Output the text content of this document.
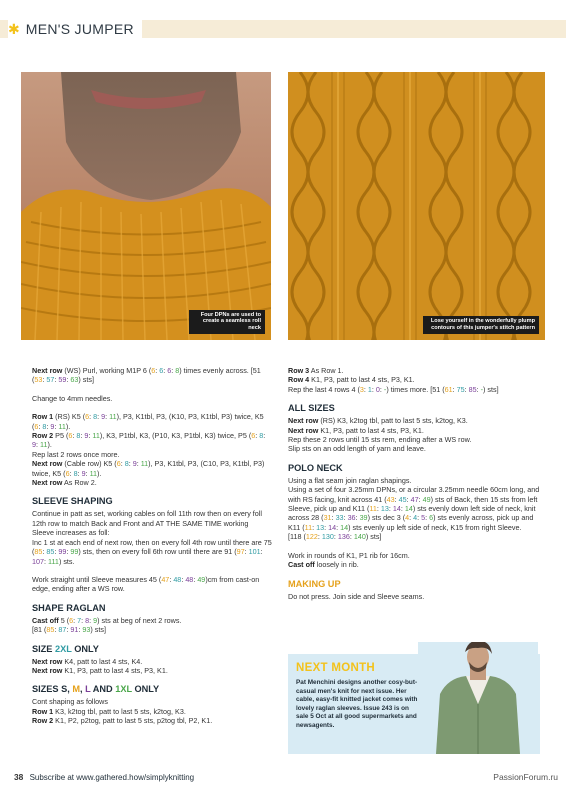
✱ MEN'S JUMPER
Four DPNs are used to create a seamless roll neck
Lose yourself in the wonderfully plump contours of this jumper's stitch pattern

Next row (WS) Purl, working M1P 6 (6: 6: 6: 8) times evenly across. [51 (53: 57: 59: 63) sts]

Change to 4mm needles.

Row 1 (RS) K5 (6: 8: 9: 11), P3, K1tbl, P3, (K10, P3, K1tbl, P3) twice, K5 (6: 8: 9: 11).

Row 2 P5 (6: 8: 9: 11), K3, P1tbl, K3, (P10, K3, P1tbl, K3) twice, P5 (6: 8: 9: 11).

Rep last 2 rows once more.

Next row (Cable row) K5 (6: 8: 9: 11), P3, K1tbl, P3, (C10, P3, K1tbl, P3) twice, K5 (6: 8: 9: 11).

Next row As Row 2.

SLEEVE SHAPING

Continue in patt as set, working cables on foll 11th row then on every foll 12th row to match Back and Front and AT THE SAME TIME working Sleeve increases as foll:

Inc 1 st at each end of next row, then on every foll 4th row until there are 75 (85: 85: 99: 99) sts, then on every foll 6th row until there are 91 (97: 101: 107: 111) sts.

Work straight until Sleeve measures 45 (47: 48: 48: 49)cm from cast-on edge, ending after a WS row.

SHAPE RAGLAN

Cast off 5 (6: 7: 8: 9) sts at beg of next 2 rows.

[81 (85: 87: 91: 93) sts]

SIZE 2XL ONLY

Next row K4, patt to last 4 sts, K4.

Next row K1, P3, patt to last 4 sts, P3, K1.

SIZES S, M, L AND 1XL ONLY

Cont shaping as follows

Row 1 K3, k2tog tbl, patt to last 5 sts, k2tog, K3.

Row 2 K1, P2, p2tog, patt to last 5 sts, p2tog tbl, P2, K1.

Row 3 As Row 1.

Row 4 K1, P3, patt to last 4 sts, P3, K1.

Rep the last 4 rows 4 (3: 1: 0: -) times more. [51 (61: 75: 85: -) sts]

ALL SIZES

Next row (RS) K3, k2tog tbl, patt to last 5 sts, k2tog, K3.

Next row K1, P3, patt to last 4 sts, P3, K1.

Rep these 2 rows until 15 sts rem, ending after a WS row.

Slip sts on an odd length of yarn and leave.

POLO NECK

Using a flat seam join raglan shapings.

Using a set of four 3.25mm DPNs, or a circular 3.25mm needle 60cm long, and with RS facing, knit across 41 (43: 45: 47: 49) sts of Back, then 15 sts from left Sleeve, pick up and K11 (11: 13: 14: 14) sts evenly down left side of neck, knit across 28 (31: 33: 36: 39) sts dec 3 (4: 4: 5: 6) sts evenly across, pick up and K11 (11: 13: 14: 14) sts evenly up left side of neck, K15 from right Sleeve.

[118 (122: 130: 136: 140) sts]

Work in rounds of K1, P1 rib for 16cm.

Cast off loosely in rib.

MAKING UP

Do not press. Join side and Sleeve seams.

NEXT MONTH
Pat Menchini designs another cosy-but-casual men's knit for next issue. Her cable, easy-fit knitted jacket comes with lovely raglan sleeves. Issue 243 is on sale 5 Oct at all good supermarkets and newsagents.
38 Subscribe at www.gathered.how/simplyknitting	PassionForum.ru
